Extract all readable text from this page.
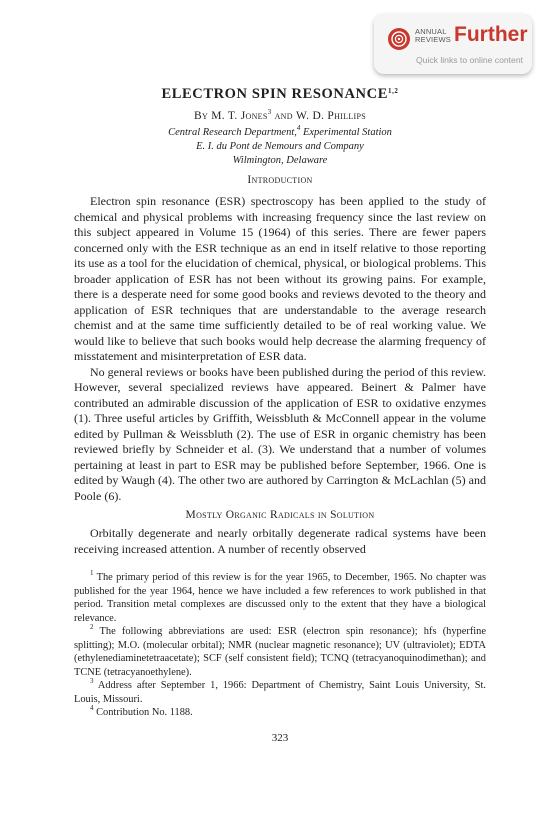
ANNUAL
REVIEWS Further
Quick links to online content
ELECTRON SPIN RESONANCE$^{1,2}$
By M. T. Jones$^3$ and W. D. Phillips
Central Research Department,$^4$ Experimental Station
E. I. du Pont de Nemours and Company
Wilmington, Delaware
Introduction

Electron spin resonance (ESR) spectroscopy has been applied to the study of chemical and physical problems with increasing frequency since the last review on this subject appeared in Volume 15 (1964) of this series. There are fewer papers concerned only with the ESR technique as an end in itself relative to those reporting its use as a tool for the elucidation of chemical, physical, or biological problems. This broader application of ESR has not been without its growing pains. For example, there is a desperate need for some good books and reviews devoted to the theory and application of ESR techniques that are understandable to the average research chemist and at the same time sufficiently detailed to be of real working value. We would like to believe that such books would help decrease the alarming frequency of misstatement and misinterpretation of ESR data.

No general reviews or books have been published during the period of this review. However, several specialized reviews have appeared. Beinert & Palmer have contributed an admirable discussion of the application of ESR to oxidative enzymes (1). Three useful articles by Griffith, Weissbluth & McConnell appear in the volume edited by Pullman & Weissbluth (2). The use of ESR in organic chemistry has been reviewed briefly by Schneider et al. (3). We understand that a number of volumes pertaining at least in part to ESR may be published before September, 1966. One is edited by Waugh (4). The other two are authored by Carrington & McLachlan (5) and Poole (6).

Mostly Organic Radicals in Solution

Orbitally degenerate and nearly orbitally degenerate radical systems have been receiving increased attention. A number of recently observed

$^1$ The primary period of this review is for the year 1965, to December, 1965. No chapter was published for the year 1964, hence we have included a few references to work published in that period. Transition metal complexes are discussed only to the extent that they have a biological relevance.

$^2$ The following abbreviations are used: ESR (electron spin resonance); hfs (hyperfine splitting); M.O. (molecular orbital); NMR (nuclear magnetic resonance); UV (ultraviolet); EDTA (ethylenediaminetetraacetate); SCF (self consistent field); TCNQ (tetracyanoquinodimethan); and TCNE (tetracyanoethylene).

$^3$ Address after September 1, 1966: Department of Chemistry, Saint Louis University, St. Louis, Missouri.

$^4$ Contribution No. 1188.

323
